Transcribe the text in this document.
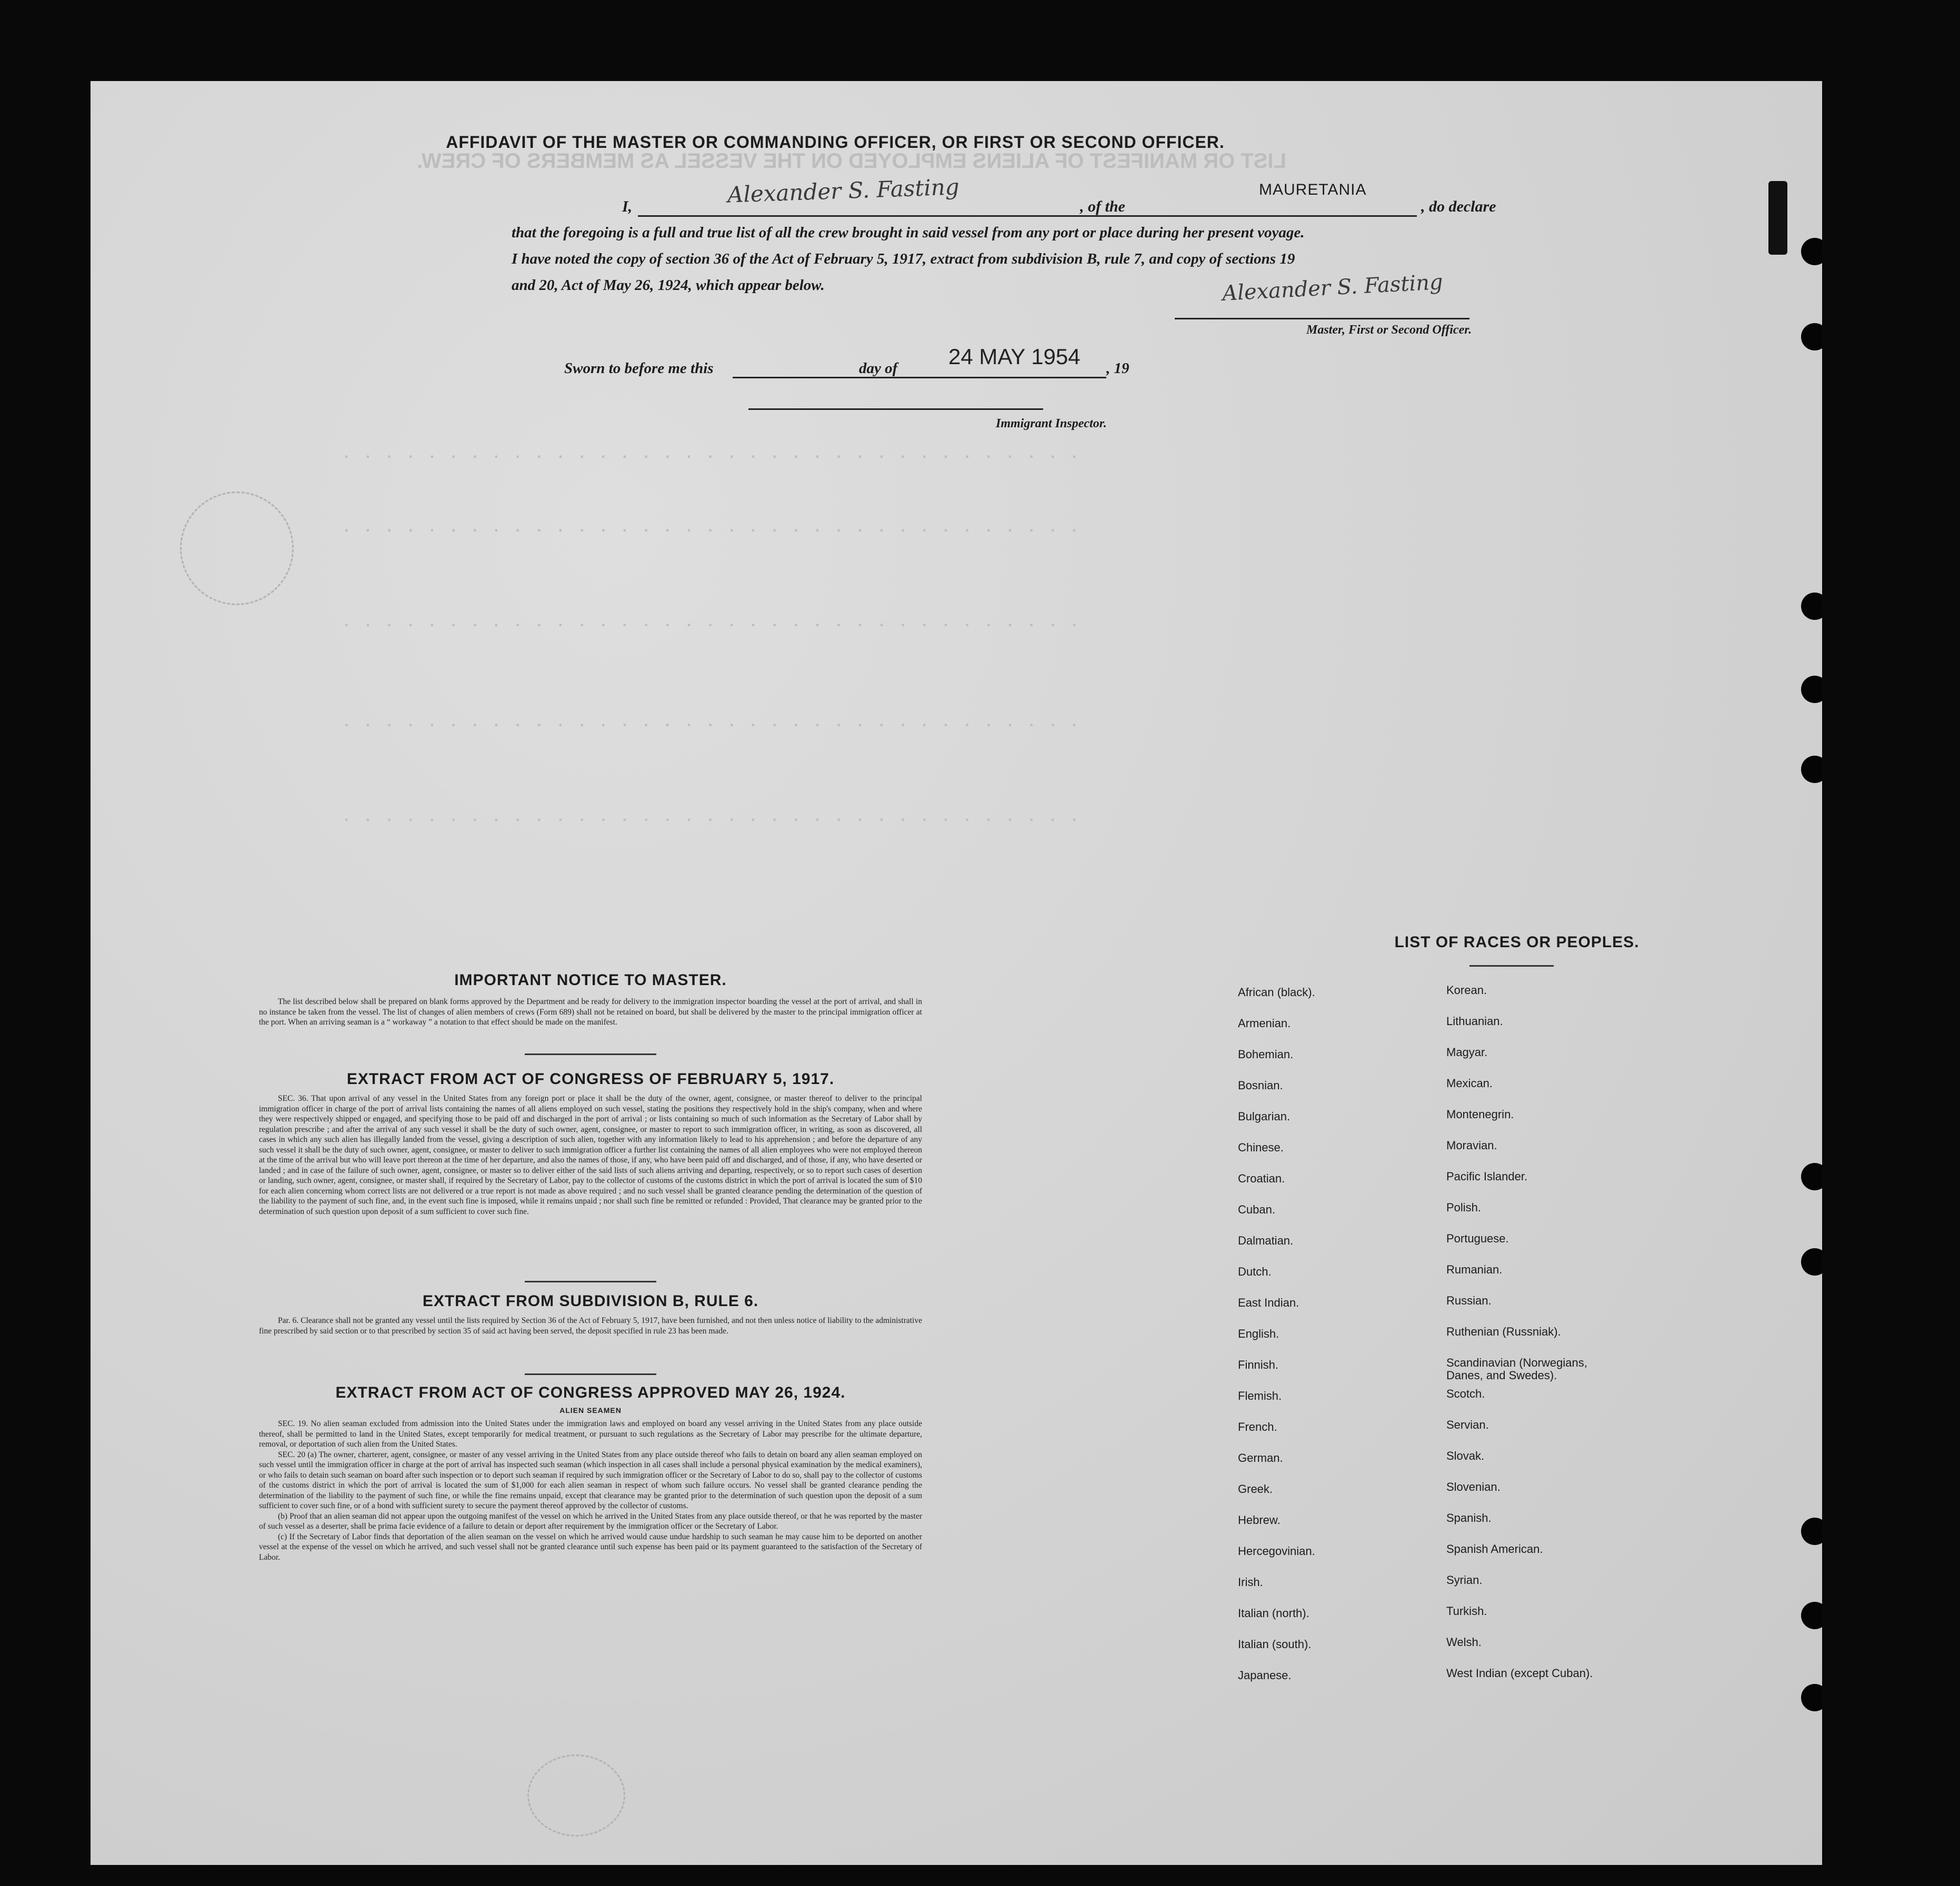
LIST OR MANIFEST OF ALIENS EMPLOYED ON THE VESSEL AS MEMBERS OF CREW.
. . . . . . . . . . . . . . . . . . . . . . . . . . . . . . . . . . .
. . . . . . . . . . . . . . . . . . . . . . . . . . . . . . . . . . .
. . . . . . . . . . . . . . . . . . . . . . . . . . . . . . . . . . .
. . . . . . . . . . . . . . . . . . . . . . . . . . . . . . . . . . .
. . . . . . . . . . . . . . . . . . . . . . . . . . . . . . . . . . .
AFFIDAVIT OF THE MASTER OR COMMANDING OFFICER, OR FIRST OR SECOND OFFICER.
I,	Alexander S. Fasting	, of the
MAURETANIA
, do declare
that the foregoing is a full and true list of all the crew brought in said vessel from any port or place during her present voyage.
I have noted the copy of section 36 of the Act of February 5, 1917, extract from subdivision B, rule 7, and copy of sections 19
and 20, Act of May 26, 1924, which appear below.	Alexander S. Fasting
Master, First or Second Officer.
Sworn to before me this	day of 24 MAY 1954 , 19
Immigrant Inspector.
IMPORTANT NOTICE TO MASTER.

The list described below shall be prepared on blank forms approved by the Department and be ready for delivery to the immigration inspector boarding the vessel at the port of arrival, and shall in no instance be taken from the vessel. The list of changes of alien members of crews (Form 689) shall not be retained on board, but shall be delivered by the master to the principal immigration officer at the port. When an arriving seaman is a “ workaway ” a notation to that effect should be made on the manifest.

EXTRACT FROM ACT OF CONGRESS OF FEBRUARY 5, 1917.

SEC. 36. That upon arrival of any vessel in the United States from any foreign port or place it shall be the duty of the owner, agent, consignee, or master thereof to deliver to the principal immigration officer in charge of the port of arrival lists containing the names of all aliens employed on such vessel, stating the positions they respectively hold in the ship's company, when and where they were respectively shipped or engaged, and specifying those to be paid off and discharged in the port of arrival ; or lists containing so much of such information as the Secretary of Labor shall by regulation prescribe ; and after the arrival of any such vessel it shall be the duty of such owner, agent, consignee, or master to report to such immigration officer, in writing, as soon as discovered, all cases in which any such alien has illegally landed from the vessel, giving a description of such alien, together with any information likely to lead to his apprehension ; and before the departure of any such vessel it shall be the duty of such owner, agent, consignee, or master to deliver to such immigration officer a further list containing the names of all alien employees who were not employed thereon at the time of the arrival but who will leave port thereon at the time of her departure, and also the names of those, if any, who have been paid off and discharged, and of those, if any, who have deserted or landed ; and in case of the failure of such owner, agent, consignee, or master so to deliver either of the said lists of such aliens arriving and departing, respectively, or so to report such cases of desertion or landing, such owner, agent, consignee, or master shall, if required by the Secretary of Labor, pay to the collector of customs of the customs district in which the port of arrival is located the sum of $10 for each alien concerning whom correct lists are not delivered or a true report is not made as above required ; and no such vessel shall be granted clearance pending the determination of the question of the liability to the payment of such fine, and, in the event such fine is imposed, while it remains unpaid ; nor shall such fine be remitted or refunded : Provided, That clearance may be granted prior to the determination of such question upon deposit of a sum sufficient to cover such fine.

EXTRACT FROM SUBDIVISION B, RULE 6.

Par. 6. Clearance shall not be granted any vessel until the lists required by Section 36 of the Act of February 5, 1917, have been furnished, and not then unless notice of liability to the administrative fine prescribed by said section or to that prescribed by section 35 of said act having been served, the deposit specified in rule 23 has been made.

EXTRACT FROM ACT OF CONGRESS APPROVED MAY 26, 1924.
ALIEN SEAMEN

SEC. 19. No alien seaman excluded from admission into the United States under the immigration laws and employed on board any vessel arriving in the United States from any place outside thereof, shall be permitted to land in the United States, except temporarily for medical treatment, or pursuant to such regulations as the Secretary of Labor may prescribe for the ultimate departure, removal, or deportation of such alien from the United States.

SEC. 20 (a) The owner, charterer, agent, consignee, or master of any vessel arriving in the United States from any place outside thereof who fails to detain on board any alien seaman employed on such vessel until the immigration officer in charge at the port of arrival has inspected such seaman (which inspection in all cases shall include a personal physical examination by the medical examiners), or who fails to detain such seaman on board after such inspection or to deport such seaman if required by such immigration officer or the Secretary of Labor to do so, shall pay to the collector of customs of the customs district in which the port of arrival is located the sum of $1,000 for each alien seaman in respect of whom such failure occurs. No vessel shall be granted clearance pending the determination of the liability to the payment of such fine, or while the fine remains unpaid, except that clearance may be granted prior to the determination of such question upon the deposit of a sum sufficient to cover such fine, or of a bond with sufficient surety to secure the payment thereof approved by the collector of customs.

(b) Proof that an alien seaman did not appear upon the outgoing manifest of the vessel on which he arrived in the United States from any place outside thereof, or that he was reported by the master of such vessel as a deserter, shall be prima facie evidence of a failure to detain or deport after requirement by the immigration officer or the Secretary of Labor.

(c) If the Secretary of Labor finds that deportation of the alien seaman on the vessel on which he arrived would cause undue hardship to such seaman he may cause him to be deported on another vessel at the expense of the vessel on which he arrived, and such vessel shall not be granted clearance until such expense has been paid or its payment guaranteed to the satisfaction of the Secretary of Labor.

LIST OF RACES OR PEOPLES.
African (black).
Armenian.
Bohemian.
Bosnian.
Bulgarian.
Chinese.
Croatian.
Cuban.
Dalmatian.
Dutch.
East Indian.
English.
Finnish.
Flemish.
French.
German.
Greek.
Hebrew.
Hercegovinian.
Irish.
Italian (north).
Italian (south).
Japanese.
Korean.
Lithuanian.
Magyar.
Mexican.
Montenegrin.
Moravian.
Pacific Islander.
Polish.
Portuguese.
Rumanian.
Russian.
Ruthenian (Russniak).
Scandinavian (Norwegians, Danes, and Swedes).
Scotch.
Servian.
Slovak.
Slovenian.
Spanish.
Spanish American.
Syrian.
Turkish.
Welsh.
West Indian (except Cuban).
